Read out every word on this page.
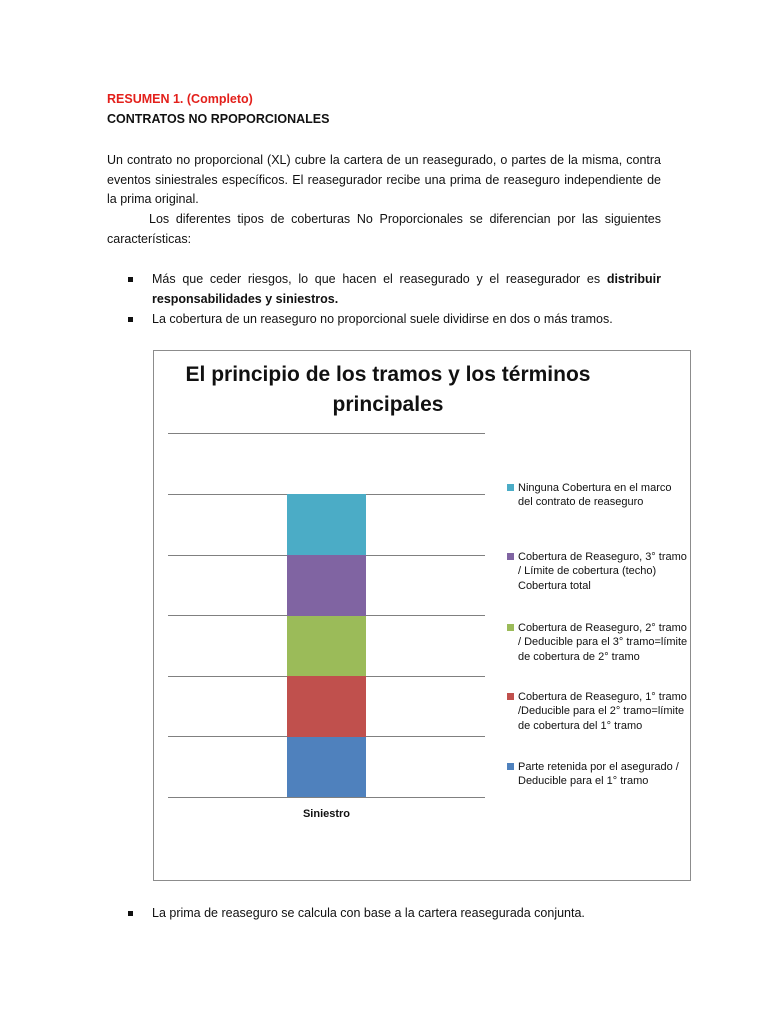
RESUMEN 1. (Completo)
CONTRATOS NO RPOPORCIONALES

Un contrato no proporcional (XL) cubre la cartera de un reasegurado, o partes de la misma, contra eventos siniestrales específicos. El reasegurador recibe una prima de reaseguro independiente de la prima original.

Los diferentes tipos de coberturas No Proporcionales se diferencian por las siguientes características:

Más que ceder riesgos, lo que hacen el reasegurado y el reasegurador es distribuir responsabilidades y siniestros.
La cobertura de un reaseguro no proporcional suele dividirse en dos o más tramos.
El principio de los tramos y los términos principales
Ninguna Cobertura en el marco del contrato de reaseguro
Cobertura de Reaseguro, 3° tramo / Límite de cobertura (techo) Cobertura total
Cobertura de Reaseguro, 2° tramo / Deducible para el 3° tramo=límite de cobertura de 2° tramo
Cobertura de Reaseguro, 1° tramo /Deducible para el 2° tramo=límite de cobertura del 1° tramo
Parte retenida por el asegurado / Deducible para el 1° tramo
Siniestro
La prima de reaseguro se calcula con base a la cartera reasegurada conjunta.
